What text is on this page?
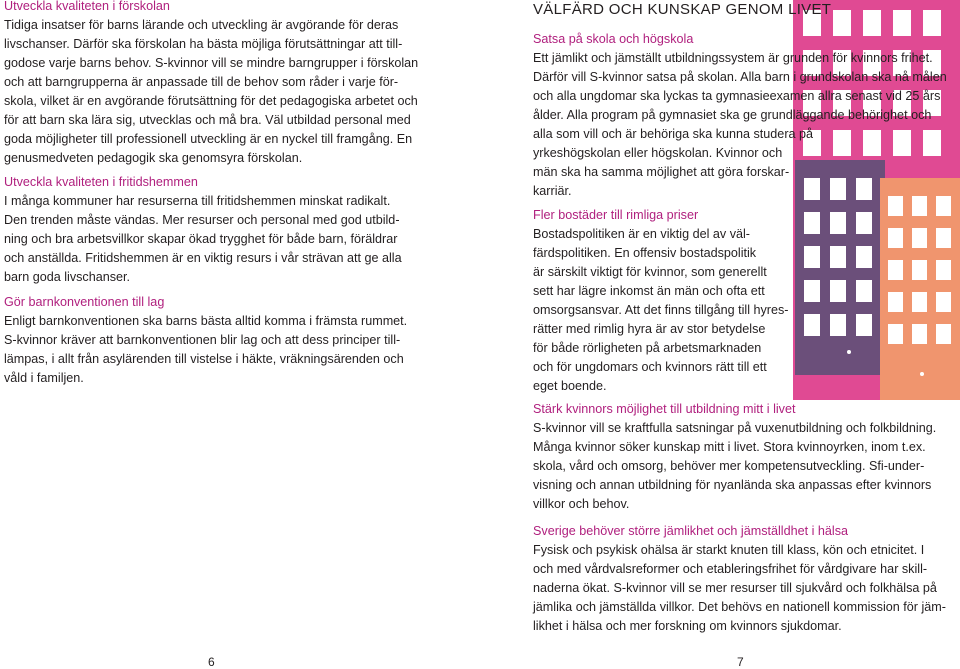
Utveckla kvaliteten i förskolan
Tidiga insatser för barns lärande och utveckling är avgörande för deras
livschanser. Därför ska förskolan ha bästa möjliga förutsättningar att till-
godose varje barns behov. S-kvinnor vill se mindre barngrupper i förskolan
och att barngrupperna är anpassade till de behov som råder i varje för-
skola, vilket är en avgörande förutsättning för det pedagogiska arbetet och
för att barn ska lära sig, utvecklas och må bra. Väl utbildad personal med
goda möjligheter till professionell utveckling är en nyckel till framgång. En
genusmedveten pedagogik ska genomsyra förskolan.
Utveckla kvaliteten i fritidshemmen
I många kommuner har resurserna till fritidshemmen minskat radikalt.
Den trenden måste vändas. Mer resurser och personal med god utbild-
ning och bra arbetsvillkor skapar ökad trygghet för både barn, föräldrar
och anställda. Fritidshemmen är en viktig resurs i vår strävan att ge alla
barn goda livschanser.
Gör barnkonventionen till lag
Enligt barnkonventionen ska barns bästa alltid komma i främsta rummet.
S-kvinnor kräver att barnkonventionen blir lag och att dess principer till-
lämpas, i allt från asylärenden till vistelse i häkte, vräkningsärenden och
våld i familjen.
VÄLFÄRD OCH KUNSKAP GENOM LIVET
Satsa på skola och högskola
Ett jämlikt och jämställt utbildningssystem är grunden för kvinnors frihet.
Därför vill S-kvinnor satsa på skolan. Alla barn i grundskolan ska nå målen
och alla ungdomar ska lyckas ta gymnasieexamen allra senast vid 25 års
ålder. Alla program på gymnasiet ska ge grundläggande behörighet och
alla som vill och är behöriga ska kunna studera på
yrkeshögskolan eller högskolan. Kvinnor och
män ska ha samma möjlighet att göra forskar-
karriär.
Fler bostäder till rimliga priser
Bostadspolitiken är en viktig del av väl-
färdspolitiken. En offensiv bostadspolitik
är särskilt viktigt för kvinnor, som generellt
sett har lägre inkomst än män och ofta ett
omsorgsansvar. Att det finns tillgång till hyres-
rätter med rimlig hyra är av stor betydelse
för både rörligheten på arbetsmarknaden
och för ungdomars och kvinnors rätt till ett
eget boende.
Stärk kvinnors möjlighet till utbildning mitt i livet
S-kvinnor vill se kraftfulla satsningar på vuxenutbildning och folkbildning.
Många kvinnor söker kunskap mitt i livet. Stora kvinnoyrken, inom t.ex.
skola, vård och omsorg, behöver mer kompetensutveckling. Sfi-under-
visning och annan utbildning för nyanlända ska anpassas efter kvinnors
villkor och behov.
Sverige behöver större jämlikhet och jämställdhet i hälsa
Fysisk och psykisk ohälsa är starkt knuten till klass, kön och etnicitet. I
och med vårdvalsreformer och etableringsfrihet för vårdgivare har skill-
naderna ökat. S-kvinnor vill se mer resurser till sjukvård och folkhälsa på
jämlika och jämställda villkor. Det behövs en nationell kommission för jäm-
likhet i hälsa och mer forskning om kvinnors sjukdomar.
6	7
